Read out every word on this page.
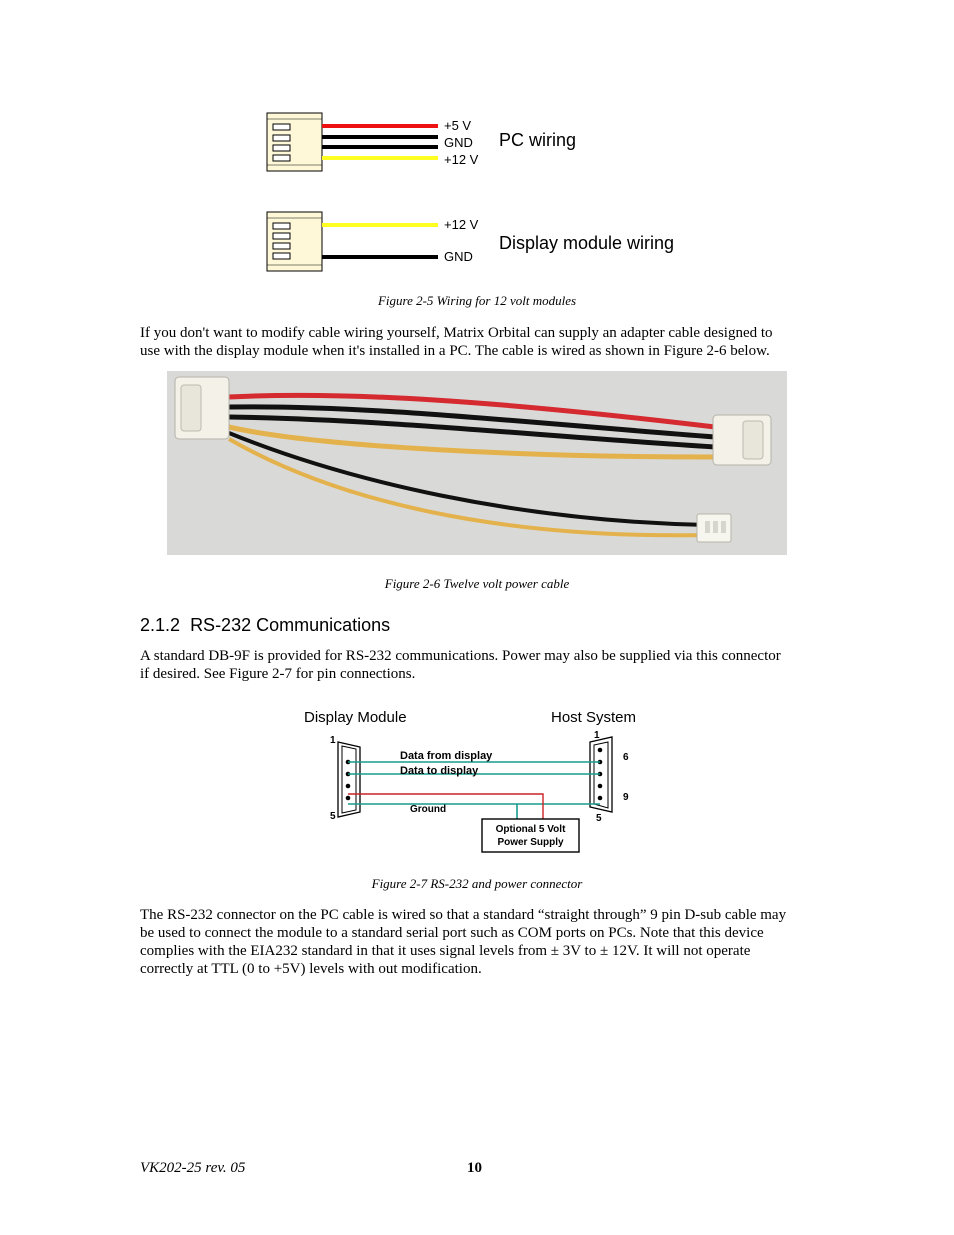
+5 V
GND
+12 V
PC wiring
+12 V
GND
Display module wiring
Figure 2-5 Wiring for 12 volt modules

If you don't want to modify cable wiring yourself, Matrix Orbital can supply an adapter cable designed to

use with the display module when it's installed in a PC. The cable is wired as shown in Figure 2-6 below.

Figure 2-6 Twelve volt power cable
2.1.2 RS-232 Communications

A standard DB-9F is provided for RS-232 communications. Power may also be supplied via this connector

if desired. See Figure 2-7 for pin connections.

Display Module	Host System
1
5
1
6
9
5
Data from display
Data to display
Ground
Optional 5 Volt
Power Supply
Figure 2-7 RS-232 and power connector

The RS-232 connector on the PC cable is wired so that a standard “straight through” 9 pin D-sub cable may

be used to connect the module to a standard serial port such as COM ports on PCs. Note that this device

complies with the EIA232 standard in that it uses signal levels from ± 3V to ± 12V. It will not operate

correctly at TTL (0 to +5V) levels with out modification.

VK202-25 rev. 05	10
